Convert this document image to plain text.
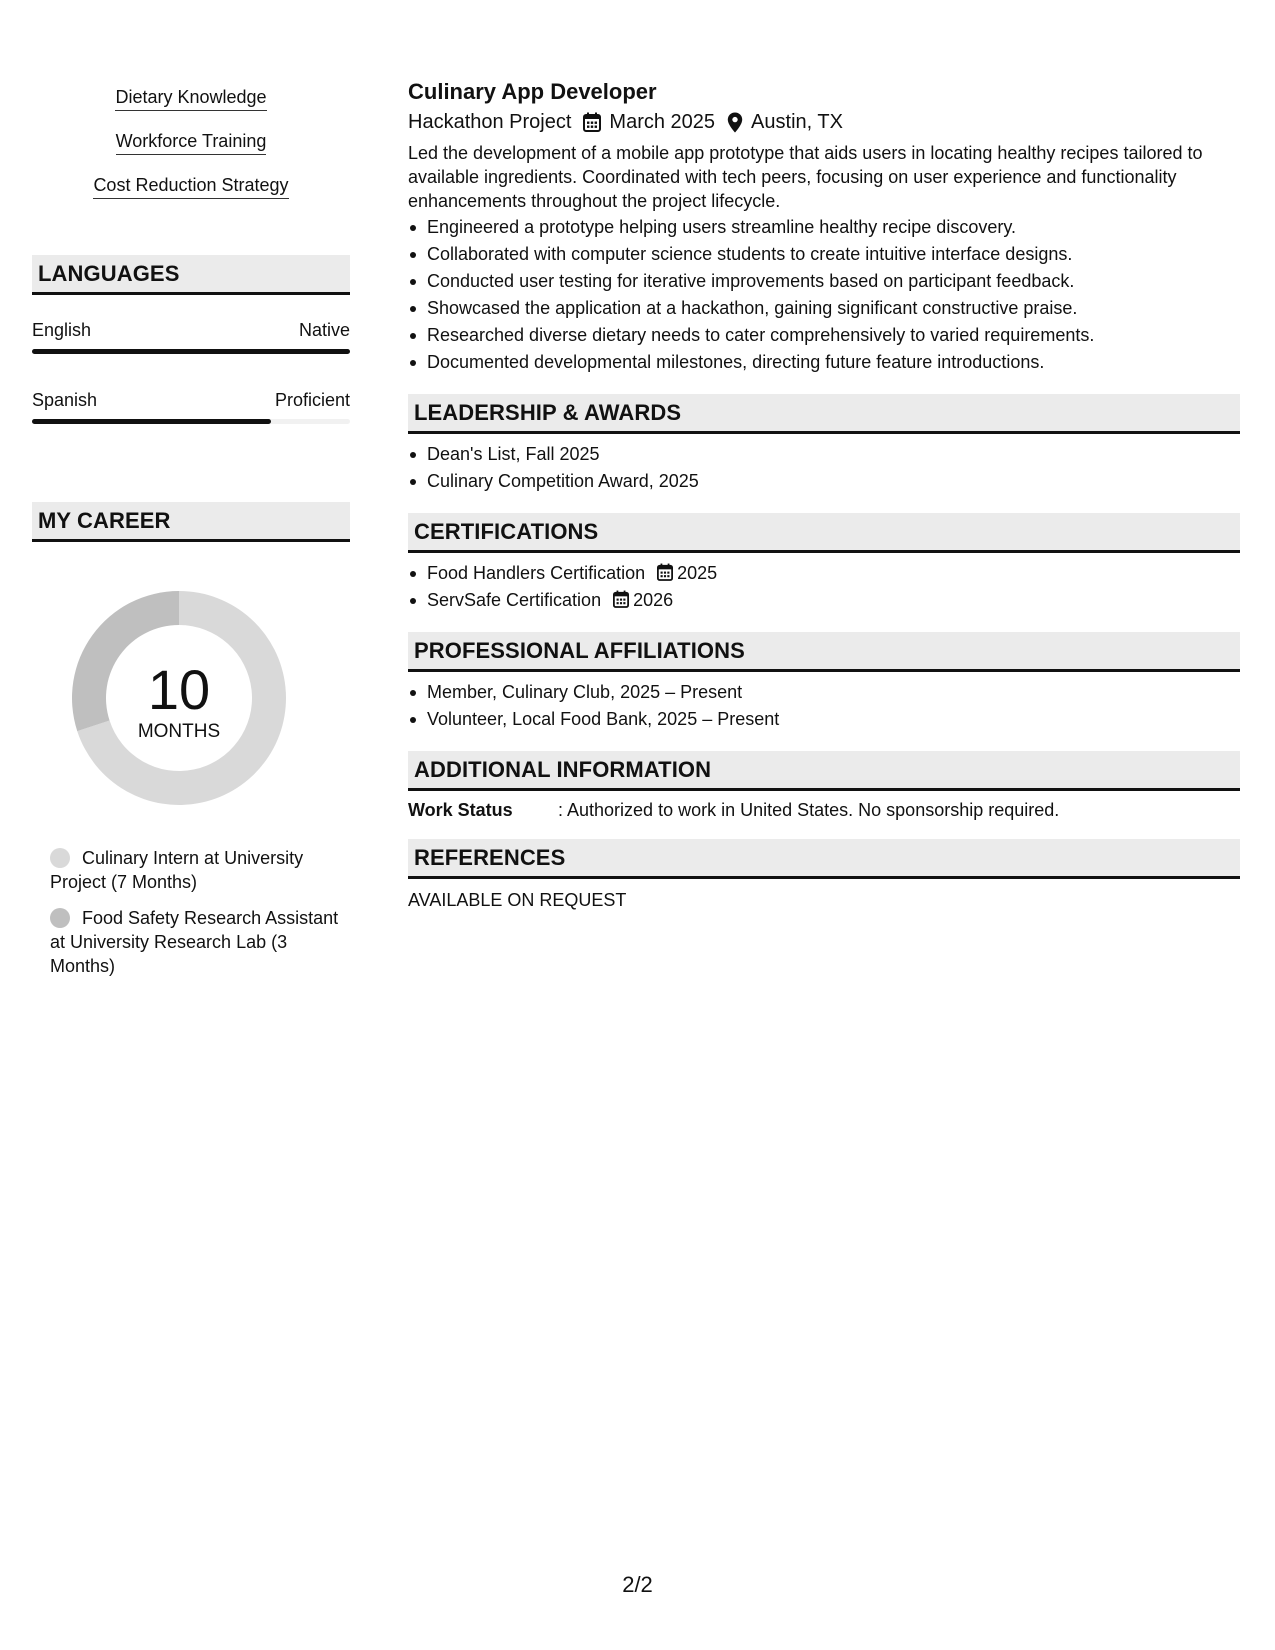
Dietary Knowledge
Workforce Training
Cost Reduction Strategy
LANGUAGES
English	Native
Spanish	Proficient
MY CAREER
10
MONTHS
Culinary Intern at University Project (7 Months)
Food Safety Research Assistant at University Research Lab (3 Months)
Culinary App Developer
Hackathon Project March 2025 Austin, TX
Led the development of a mobile app prototype that aids users in locating healthy recipes tailored to available ingredients. Coordinated with tech peers, focusing on user experience and functionality enhancements throughout the project lifecycle.
Engineered a prototype helping users streamline healthy recipe discovery.
Collaborated with computer science students to create intuitive interface designs.
Conducted user testing for iterative improvements based on participant feedback.
Showcased the application at a hackathon, gaining significant constructive praise.
Researched diverse dietary needs to cater comprehensively to varied requirements.
Documented developmental milestones, directing future feature introductions.
LEADERSHIP & AWARDS
Dean's List, Fall 2025
Culinary Competition Award, 2025
CERTIFICATIONS
Food Handlers Certification 2025
ServSafe Certification 2026
PROFESSIONAL AFFILIATIONS
Member, Culinary Club, 2025 – Present
Volunteer, Local Food Bank, 2025 – Present
ADDITIONAL INFORMATION
Work Status	: Authorized to work in United States. No sponsorship required.
REFERENCES
AVAILABLE ON REQUEST
2/2
